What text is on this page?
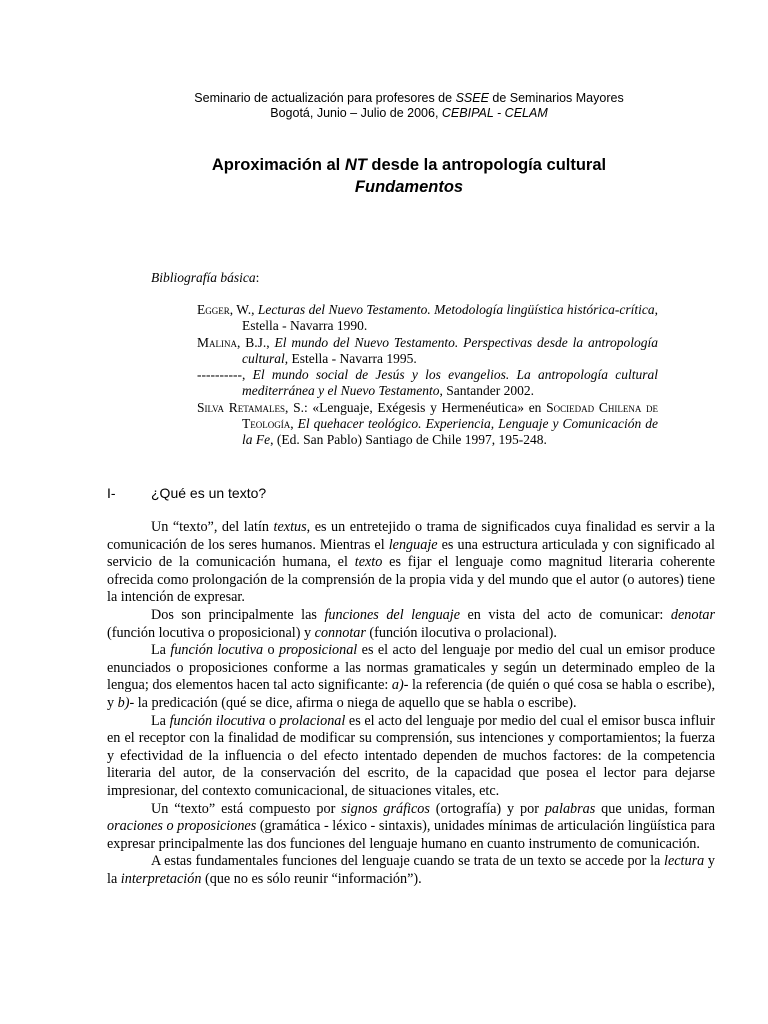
Seminario de actualización para profesores de SSEE de Seminarios Mayores
Bogotá, Junio – Julio de 2006, CEBIPAL - CELAM
Aproximación al NT desde la antropología cultural
Fundamentos
Bibliografía básica:

Egger, W., Lecturas del Nuevo Testamento. Metodología lingüística histórica-crítica, Estella - Navarra 1990.

Malina, B.J., El mundo del Nuevo Testamento. Perspectivas desde la antropología cultural, Estella - Navarra 1995.

----------, El mundo social de Jesús y los evangelios. La antropología cultural mediterránea y el Nuevo Testamento, Santander 2002.

Silva Retamales, S.: «Lenguaje, Exégesis y Hermenéutica» en Sociedad Chilena de Teología, El quehacer teológico. Experiencia, Lenguaje y Comunicación de la Fe, (Ed. San Pablo) Santiago de Chile 1997, 195-248.

I-	¿Qué es un texto?

Un “texto”, del latín textus, es un entretejido o trama de significados cuya finalidad es servir a la comunicación de los seres humanos. Mientras el lenguaje es una estructura articulada y con significado al servicio de la comunicación humana, el texto es fijar el lenguaje como magnitud literaria coherente ofrecida como prolongación de la comprensión de la propia vida y del mundo que el autor (o autores) tiene la intención de expresar.

Dos son principalmente las funciones del lenguaje en vista del acto de comunicar: denotar (función locutiva o proposicional) y connotar (función ilocutiva o prolacional).

La función locutiva o proposicional es el acto del lenguaje por medio del cual un emisor produce enunciados o proposiciones conforme a las normas gramaticales y según un determinado empleo de la lengua; dos elementos hacen tal acto significante: a)- la referencia (de quién o qué cosa se habla o escribe), y b)- la predicación (qué se dice, afirma o niega de aquello que se habla o escribe).

La función ilocutiva o prolacional es el acto del lenguaje por medio del cual el emisor busca influir en el receptor con la finalidad de modificar su comprensión, sus intenciones y comportamientos; la fuerza y efectividad de la influencia o del efecto intentado dependen de muchos factores: de la competencia literaria del autor, de la conservación del escrito, de la capacidad que posea el lector para dejarse impresionar, del contexto comunicacional, de situaciones vitales, etc.

Un “texto” está compuesto por signos gráficos (ortografía) y por palabras que unidas, forman oraciones o proposiciones (gramática - léxico - sintaxis), unidades mínimas de articulación lingüística para expresar principalmente las dos funciones del lenguaje humano en cuanto instrumento de comunicación.

A estas fundamentales funciones del lenguaje cuando se trata de un texto se accede por la lectura y la interpretación (que no es sólo reunir “información”).
